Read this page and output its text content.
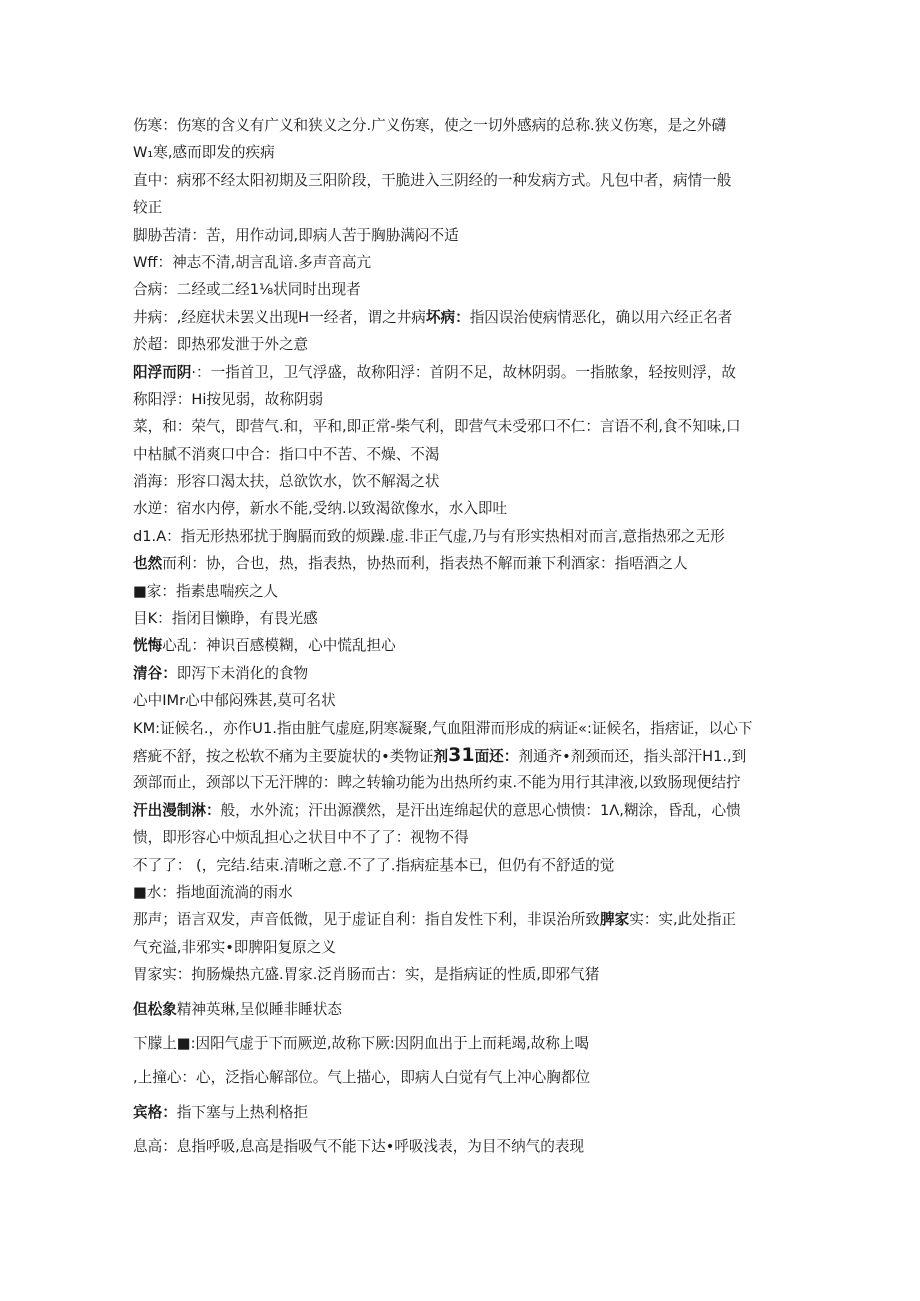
伤寒：伤寒的含义有广义和狭义之分.广义伤寒，使之一切外感病的总称.狭义伤寒，是之外礴
W₁寒,感而即发的疾病
直中：病邪不经太阳初期及三阳阶段，干脆进入三阴经的一种发病方式。凡包中者，病情一般
较正
脚胁苦清：苦，用作动词,即病人苦于胸胁满闷不适
Wff：神志不清,胡言乱谙.多声音高亢
合病：二经或二经1⅛状同时出现者
井病：,经庭状未罢义出现H一经者，谓之井病坏病：指囚误治使病情恶化，确以用六经正名者
於超：即热邪发泄于外之意
阳浮而阴·：一指首卫，卫气浮盛，故称阳浮：首阴不足，故林阴弱。一指脓象，轻按则浮，故
称阳浮：Hi按见弱，故称阴弱
菜，和：荣气，即营气.和，平和,即正常-柴气利，即营气未受邪口不仁：言语不利,食不知味,口
中枯腻不消爽口中合：指口中不苦、不燥、不渴
消海：形容口渴太扶，总欲饮水，饮不解渴之状
水逆：宿水内停，新水不能,受纳.以致渴欲像水，水入即吐
d1.A：指无形热邪扰于胸膈而致的烦躁.虚.非正气虚,乃与有形实热相对而言,意指热邪之无形
也然而利：协，合也，热，指表热，协热而利，指表热不解而兼下利酒家：指唔酒之人
■家：指素患喘疾之人
目K：指闭目懒睁，有畏光感
恍悔心乱：神识百感模糊，心中慌乱担心
清谷：即泻下未消化的食物
心中IMr心中郁闷殊甚,莫可名状
KM:证候名.，亦作U1.指由脏气虚庭,阴寒凝聚,气血阻滞而形成的病证«:证候名，指痞证，以心下
瘩疵不舒，按之松软不痛为主要旋状的•类物证剂31面还：剂通齐•剂颈而还，指头部汗H1.,到
颈部而止，颈部以下无汗牌的：睥之转输功能为出热所约束.不能为用行其津液,以致肠现便结拧
汗出漫制淋：般，水外流；汗出源濮然，是汗出连绵起伏的意思心愦愦：1Λ,糊涂，昏乱，心愦
愦，即形容心中烦乱担心之状目中不了了：视物不得
不了了： (，完结.结束.清晰之意.不了了.指病症基本已，但仍有不舒适的觉
■水：指地面流淌的雨水
那声；语言双发，声音低微，见于虚证自利：指自发性下利，非误治所致脾家实：实,此处指正
气充溢,非邪实•即脾阳复原之义
胃家实：拘肠燥热亢盛.胃家.泛肖肠而古：实，是指病证的性质,即邪气猪
但松象精神英琳,呈似睡非睡状态
下朦上■:因阳气虚于下而厥逆,故称下厥:因阴血出于上而耗竭,故称上喝
,上撞心：心，泛指心解部位。气上描心，即病人白觉有气上冲心胸都位
宾格：指下塞与上热利格拒
息高：息指呼吸,息高是指吸气不能下达•呼吸浅表，为目不纳气的表现
